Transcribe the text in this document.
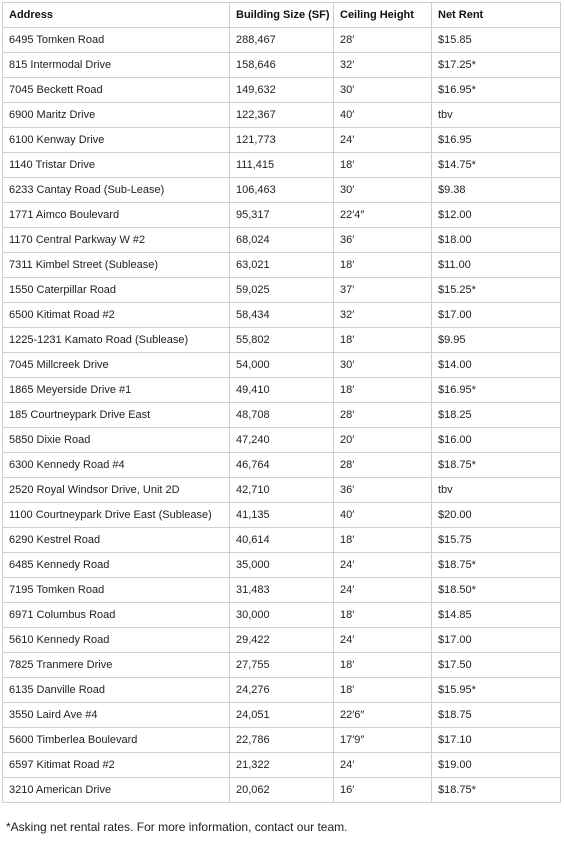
Address	Building Size (SF)	Ceiling Height	Net Rent
6495 Tomken Road	288,467	28′	$15.85
815 Intermodal Drive	158,646	32′	$17.25*
7045 Beckett Road	149,632	30′	$16.95*
6900 Maritz Drive	122,367	40′	tbv
6100 Kenway Drive	121,773	24′	$16.95
1140 Tristar Drive	111,415	18′	$14.75*
6233 Cantay Road (Sub-Lease)	106,463	30′	$9.38
1771 Aimco Boulevard	95,317	22′4″	$12.00
1170 Central Parkway W #2	68,024	36′	$18.00
7311 Kimbel Street (Sublease)	63,021	18′	$11.00
1550 Caterpillar Road	59,025	37′	$15.25*
6500 Kitimat Road #2	58,434	32′	$17.00
1225-1231 Kamato Road (Sublease)	55,802	18′	$9.95
7045 Millcreek Drive	54,000	30′	$14.00
1865 Meyerside Drive #1	49,410	18′	$16.95*
185 Courtneypark Drive East	48,708	28′	$18.25
5850 Dixie Road	47,240	20′	$16.00
6300 Kennedy Road #4	46,764	28′	$18.75*
2520 Royal Windsor Drive, Unit 2D	42,710	36′	tbv
1100 Courtneypark Drive East (Sublease)	41,135	40′	$20.00
6290 Kestrel Road	40,614	18′	$15.75
6485 Kennedy Road	35,000	24′	$18.75*
7195 Tomken Road	31,483	24′	$18.50*
6971 Columbus Road	30,000	18′	$14.85
5610 Kennedy Road	29,422	24′	$17.00
7825 Tranmere Drive	27,755	18′	$17.50
6135 Danville Road	24,276	18′	$15.95*
3550 Laird Ave #4	24,051	22′6″	$18.75
5600 Timberlea Boulevard	22,786	17′9″	$17.10
6597 Kitimat Road #2	21,322	24′	$19.00
3210 American Drive	20,062	16′	$18.75*
*Asking net rental rates. For more information, contact our team.
